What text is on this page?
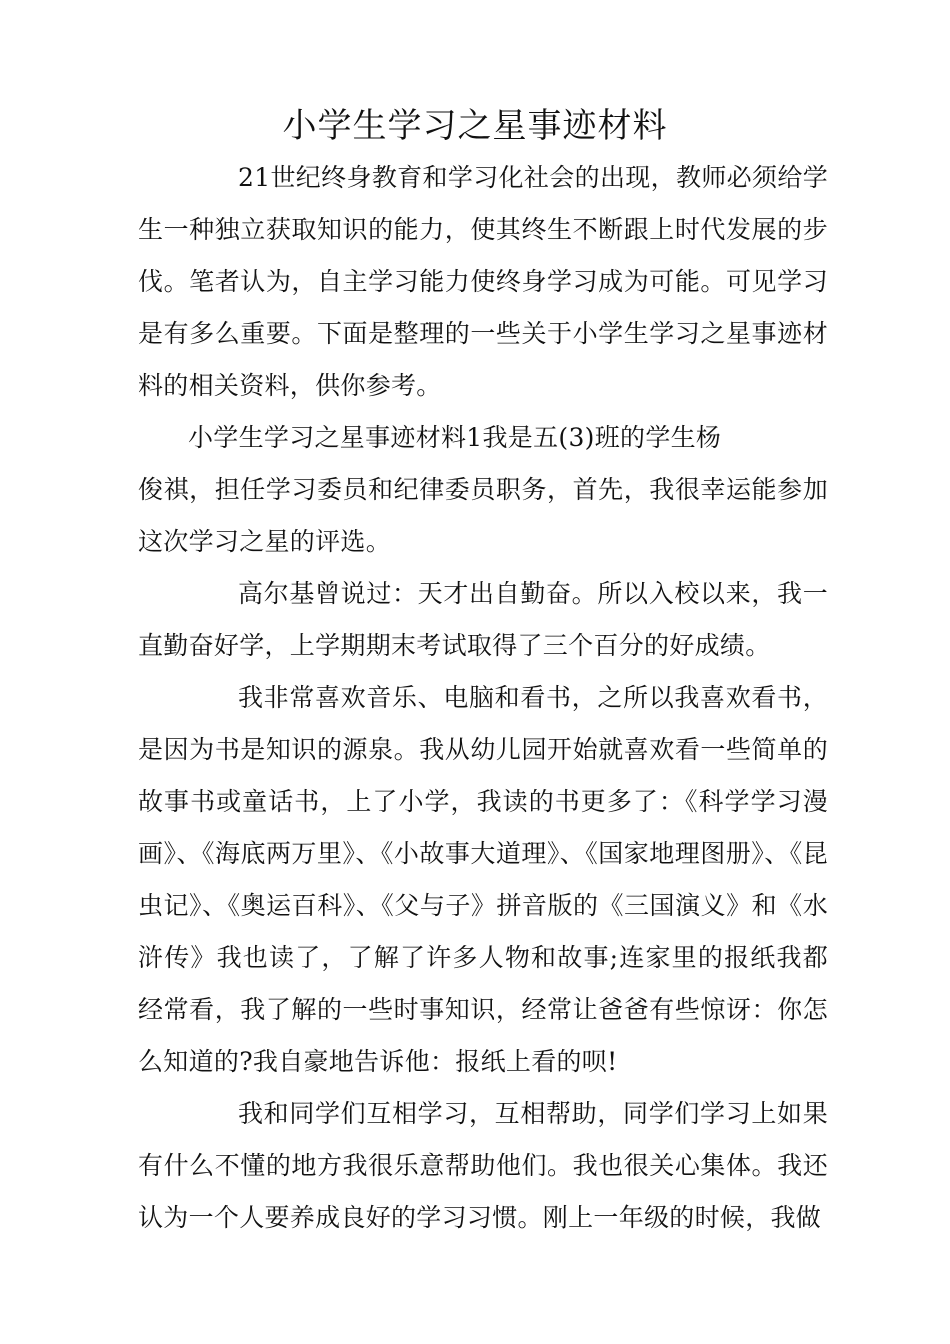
小学生学习之星事迹材料

21世纪终身教育和学习化社会的出现，教师必须给学生一种独立获取知识的能力，使其终生不断跟上时代发展的步伐。笔者认为，自主学习能力使终身学习成为可能。可见学习是有多么重要。下面是整理的一些关于小学生学习之星事迹材料的相关资料，供你参考。

小学生学习之星事迹材料1我是五(3)班的学生杨

俊祺，担任学习委员和纪律委员职务，首先，我很幸运能参加这次学习之星的评选。

高尔基曾说过：天才出自勤奋。所以入校以来，我一直勤奋好学，上学期期末考试取得了三个百分的好成绩。

我非常喜欢音乐、电脑和看书，之所以我喜欢看书，是因为书是知识的源泉。我从幼儿园开始就喜欢看一些简单的故事书或童话书，上了小学，我读的书更多了：《科学学习漫画》、《海底两万里》、《小故事大道理》、《国家地理图册》、《昆虫记》、《奥运百科》、《父与子》拼音版的《三国演义》和《水浒传》我也读了，了解了许多人物和故事;连家里的报纸我都经常看，我了解的一些时事知识，经常让爸爸有些惊讶：你怎么知道的?我自豪地告诉他：报纸上看的呗!

我和同学们互相学习，互相帮助，同学们学习上如果有什么不懂的地方我很乐意帮助他们。我也很关心集体。我还认为一个人要养成良好的学习习惯。刚上一年级的时候，我做
